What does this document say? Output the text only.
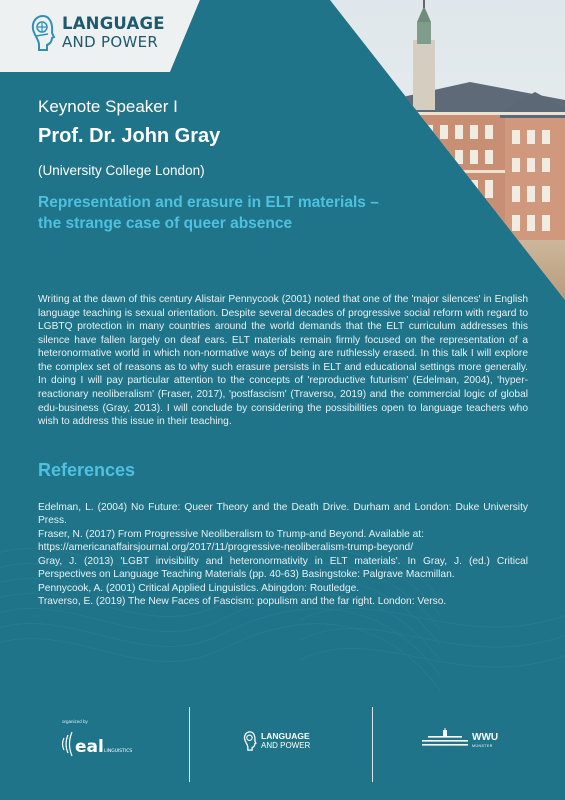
LANGUAGE
AND POWER
Keynote Speaker I
Prof. Dr. John Gray
(University College London)
Representation and erasure in ELT materials – the strange case of queer absence
Writing at the dawn of this century Alistair Pennycook (2001) noted that one of the 'major silences' in English language teaching is sexual orientation. Despite several decades of progressive social reform with regard to LGBTQ protection in many countries around the world demands that the ELT curriculum addresses this silence have fallen largely on deaf ears. ELT materials remain firmly focused on the representation of a heteronormative world in which non-normative ways of being are ruthlessly erased. In this talk I will explore the complex set of reasons as to why such erasure persists in ELT and educational settings more generally. In doing I will pay particular attention to the concepts of 'reproductive futurism' (Edelman, 2004), 'hyper-reactionary neoliberalism' (Fraser, 2017), 'postfascism' (Traverso, 2019) and the commercial logic of global edu-business (Gray, 2013). I will conclude by considering the possibilities open to language teachers who wish to address this issue in their teaching.
References
Edelman, L. (2004) No Future: Queer Theory and the Death Drive. Durham and London: Duke University Press.
Fraser, N. (2017) From Progressive Neoliberalism to Trump-and Beyond. Available at: https://americanaffairsjournal.org/2017/11/progressive-neoliberalism-trump-beyond/
Gray, J. (2013) 'LGBT invisibility and heteronormativity in ELT materials'. In Gray, J. (ed.) Critical Perspectives on Language Teaching Materials (pp. 40-63) Basingstoke: Palgrave Macmillan.
Pennycook, A. (2001) Critical Applied Linguistics. Abingdon: Routledge.
Traverso, E. (2019) The New Faces of Fascism: populism and the far right. London: Verso.
organized by
eal LINGUISTICS
LANGUAGE
AND POWER
WWU
MÜNSTER
